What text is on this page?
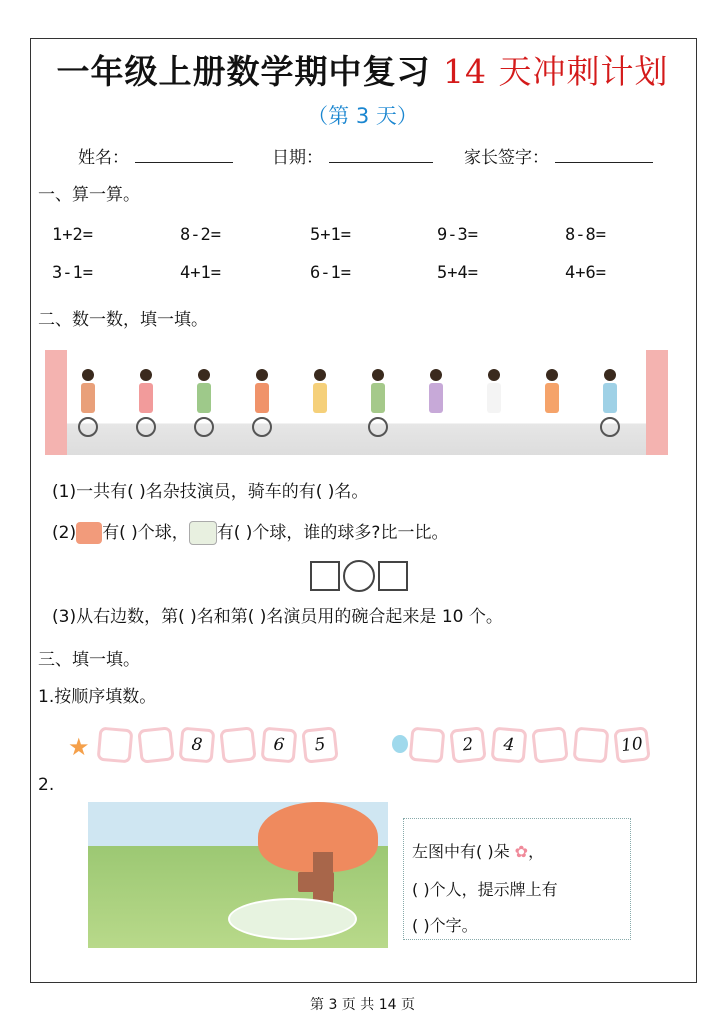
一年级上册数学期中复习 14 天冲刺计划
（第 3 天）
姓名：	日期：	家长签字：
一、算一算。
1+2=	8-2=	5+1=	9-3=	8-8=
3-1=	4+1=	6-1=	5+4=	4+6=
二、数一数，填一填。
(1)一共有( )名杂技演员，骑车的有( )名。
(2) 有( )个球， 有( )个球，谁的球多?比一比。
(3)从右边数，第( )名和第( )名演员用的碗合起来是 10 个。
三、填一填。
1.按顺序填数。
★	8	6	5	2	4	10
2.
左图中有( )朵 ✿，
( )个人，提示牌上有
( )个字。
第 3 页 共 14 页
